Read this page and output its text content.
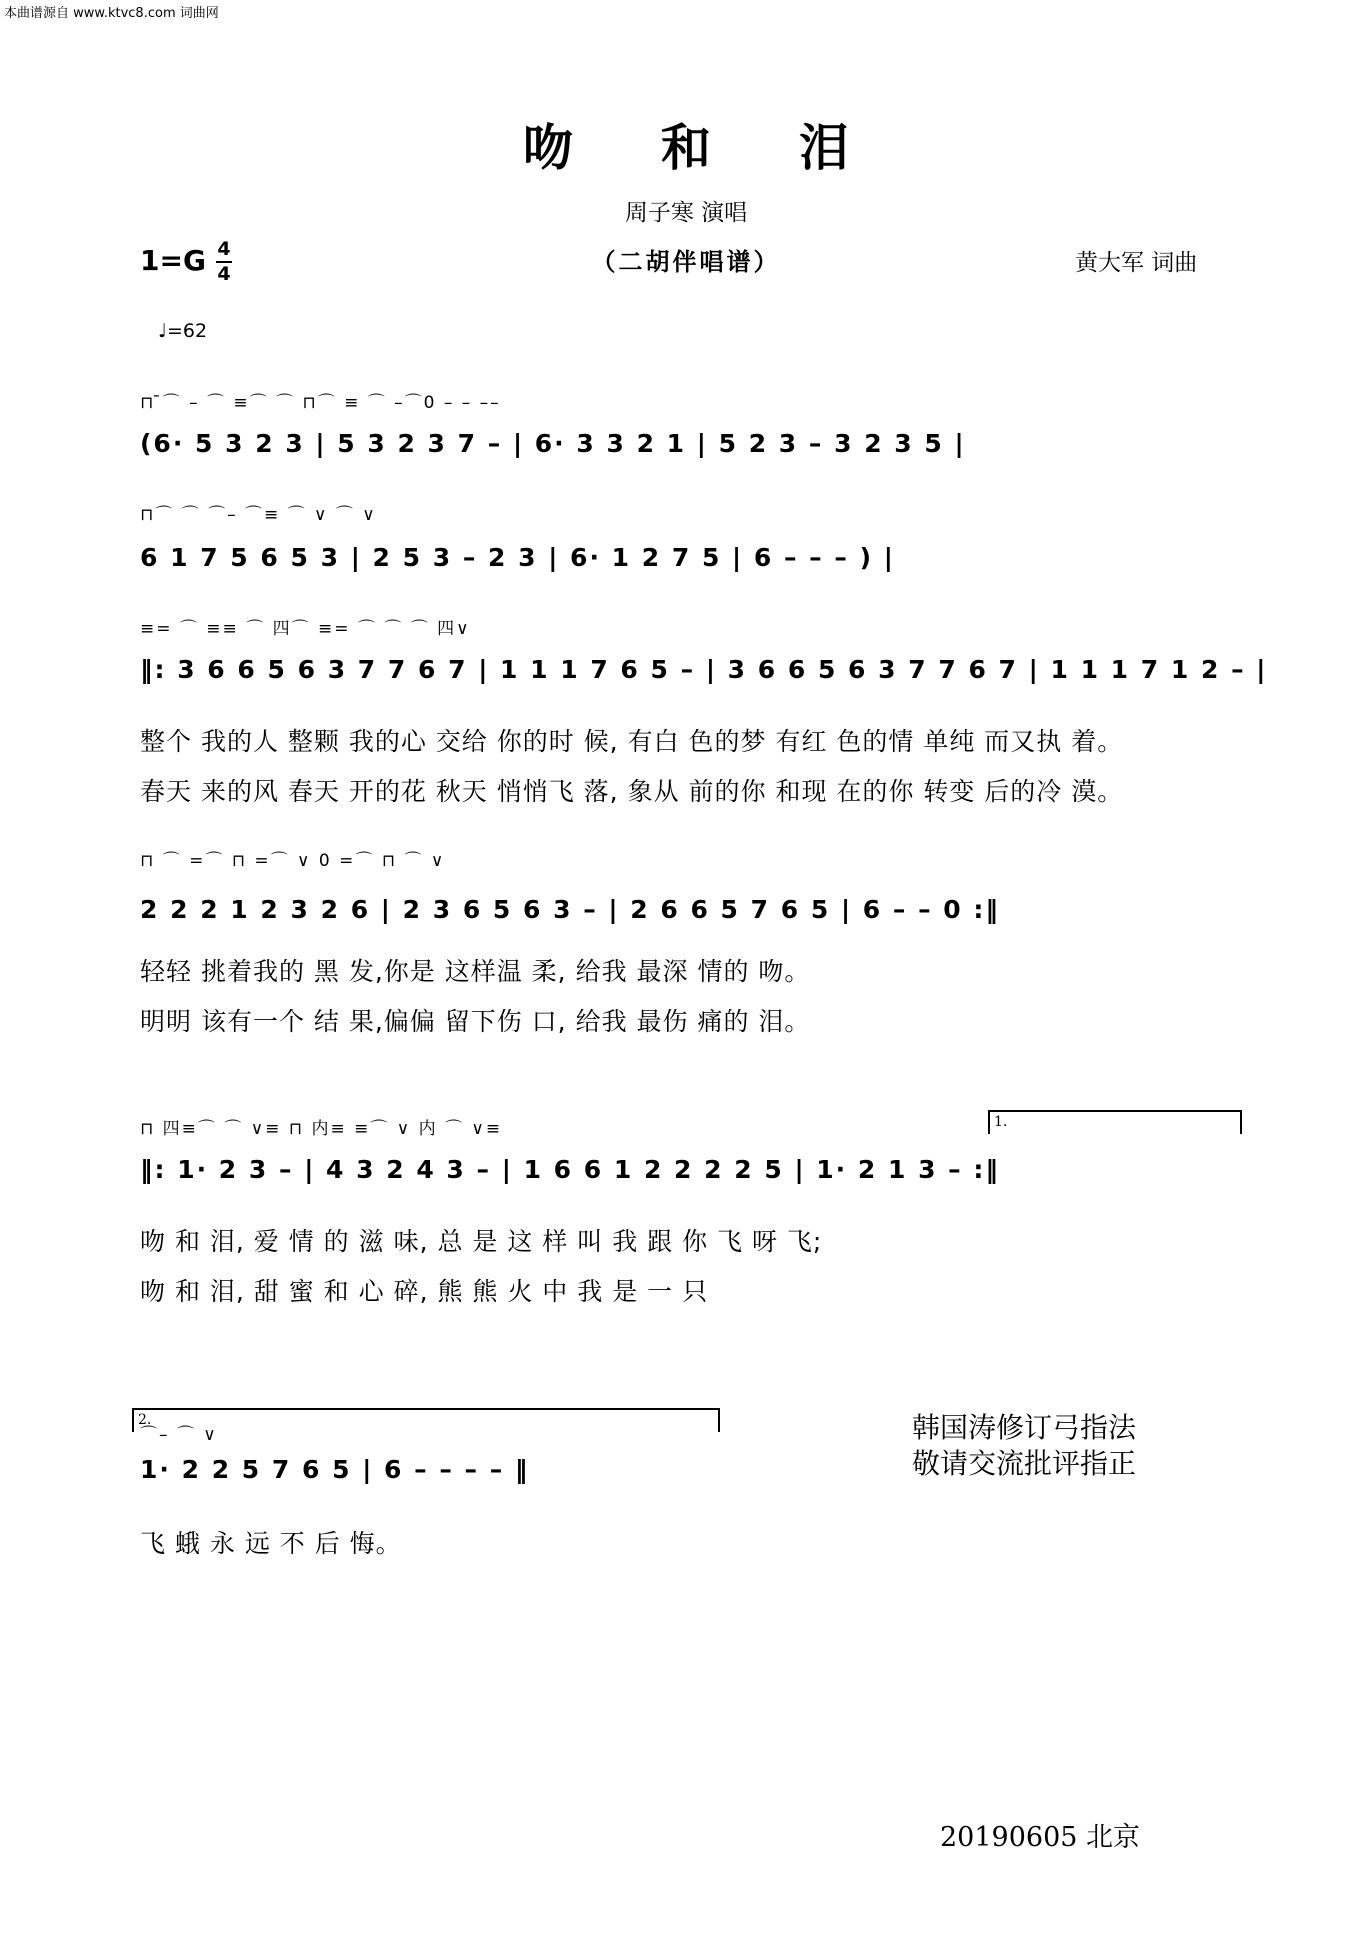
本曲谱源自 www.ktvc8.com 词曲网
吻和泪
周子寒 演唱
（二胡伴唱谱）
1=G 4
4	黄大军 词曲
♩=62
⊓ ̄⌒ – ⌒ ≡⌒ ⌒ ⊓⌒ ≡ ⌒ –⌒0 – – ––
(6· 5 3 2 3 | 5 3 2 3 7 – | 6· 3 3 2 1 | 5 2 3 – 3 2 3 5 |
⊓⌒ ⌒ ⌒– ⌒≡ ⌒ ∨ ⌒ ∨
6 1 7 5 6 5 3 | 2 5 3 – 2 3 | 6· 1 2 7 5 | 6 – – – ) |
≡= ⌒ ≡≡ ⌒ 四⌒ ≡= ⌒ ⌒ ⌒ 四∨
‖: 3 6 6 5 6 3 7 7 6 7 | 1 1 1 7 6 5 – | 3 6 6 5 6 3 7 7 6 7 | 1 1 1 7 1 2 – |
整个 我的人 整颗 我的心 交给 你的时 候, 有白 色的梦 有红 色的情 单纯 而又执 着。
春天 来的风 春天 开的花 秋天 悄悄飞 落, 象从 前的你 和现 在的你 转变 后的冷 漠。
⊓ ⌒ =⌒ ⊓ =⌒ ∨ 0 =⌒ ⊓ ⌒ ∨
2 2 2 1 2 3 2 6 | 2 3 6 5 6 3 – | 2 6 6 5 7 6 5 | 6 – – 0 :‖
轻轻 挑着我的 黑 发,你是 这样温 柔, 给我 最深 情的 吻。
明明 该有一个 结 果,偏偏 留下伤 口, 给我 最伤 痛的 泪。
1.
⊓ 四≡⌒ ⌒ ∨≡ ⊓ 内≡ ≡⌒ ∨ 内 ⌒ ∨≡
‖: 1· 2 3 – | 4 3 2 4 3 – | 1 6 6 1 2 2 2 2 5 | 1· 2 1 3 – :‖
吻 和 泪, 爱 情 的 滋 味, 总 是 这 样 叫 我 跟 你 飞 呀 飞;
吻 和 泪, 甜 蜜 和 心 碎, 熊 熊 火 中 我 是 一 只
2.
⌒– ⌒ ∨
1· 2 2 5 7 6 5 | 6 – – – – ‖
飞 蛾 永 远 不 后 悔。
韩国涛修订弓指法
敬请交流批评指正
20190605 北京
